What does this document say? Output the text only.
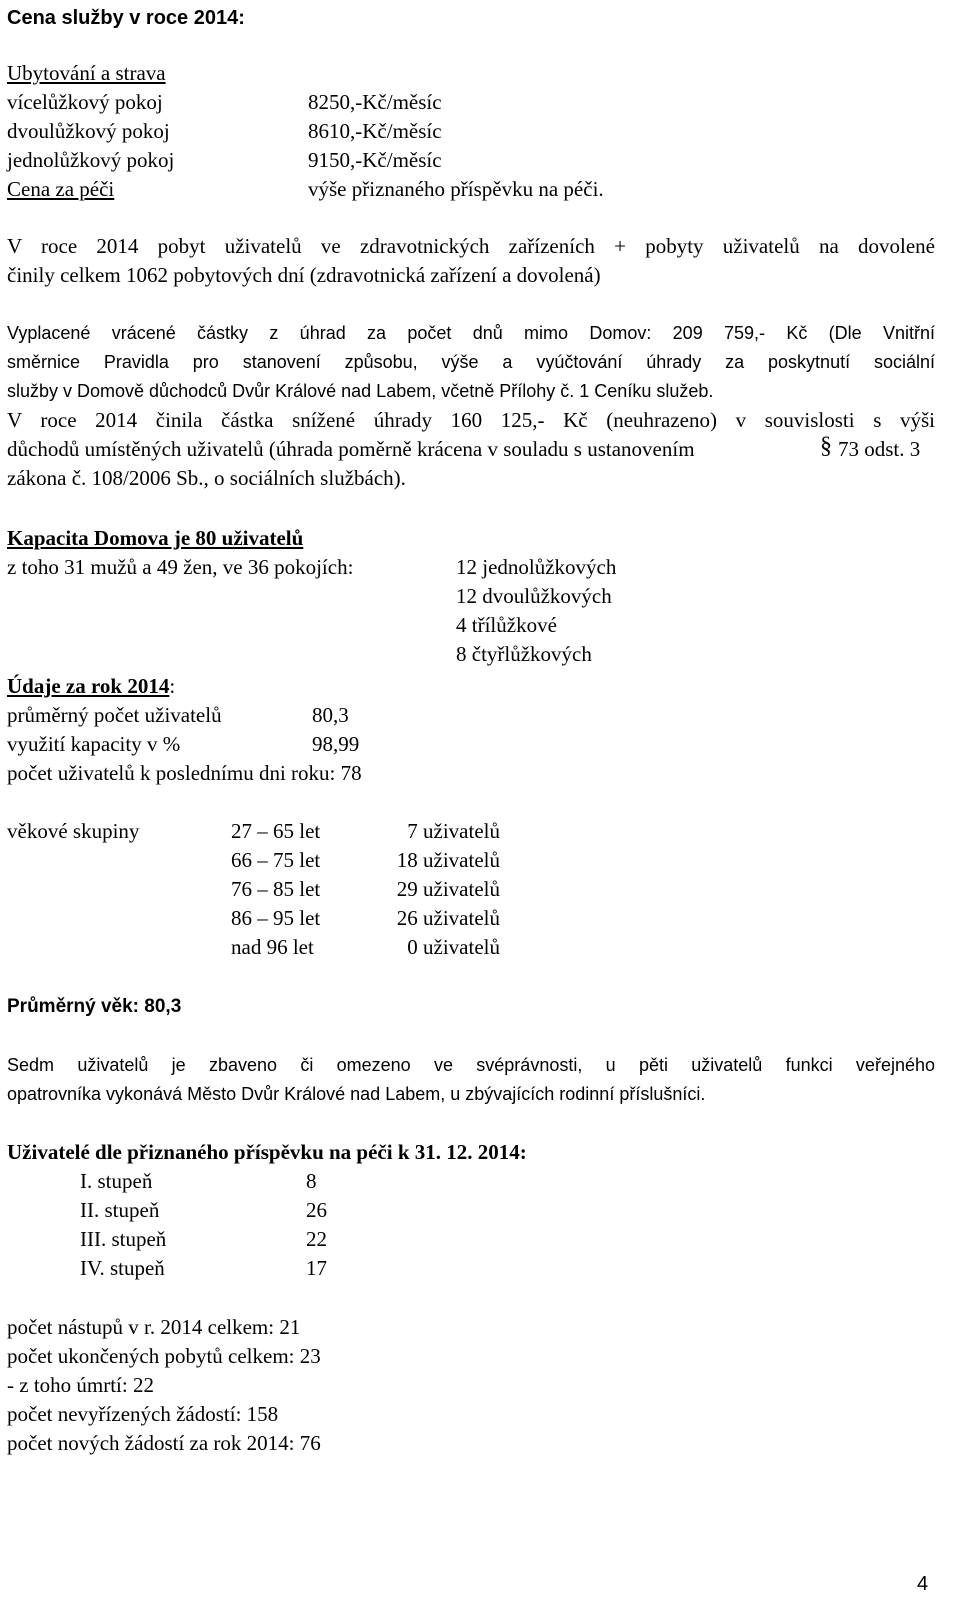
Cena služby v roce 2014:
Ubytování a strava
vícelůžkový pokoj	8250,-Kč/měsíc
dvoulůžkový pokoj	8610,-Kč/měsíc
jednolůžkový pokoj	9150,-Kč/měsíc
Cena za péči	výše přiznaného příspěvku na péči.
V roce 2014 pobyt uživatelů ve zdravotnických zařízeních + pobyty uživatelů na dovolené
činily celkem 1062 pobytových dní (zdravotnická zařízení a dovolená)
Vyplacené vrácené částky z úhrad za počet dnů mimo Domov: 209 759,- Kč (Dle Vnitřní
směrnice Pravidla pro stanovení způsobu, výše a vyúčtování úhrady za poskytnutí sociální
služby v Domově důchodců Dvůr Králové nad Labem, včetně Přílohy č. 1 Ceníku služeb.
V roce 2014 činila částka snížené úhrady 160 125,- Kč (neuhrazeno) v souvislosti s výši
důchodů umístěných uživatelů (úhrada poměrně krácena v souladu s ustanovením	§ 73 odst. 3
zákona č. 108/2006 Sb., o sociálních službách).
Kapacita Domova je 80 uživatelů
z toho 31 mužů a 49 žen, ve 36 pokojích:	12 jednolůžkových
12 dvoulůžkových
4 třílůžkové
8 čtyřlůžkových
Údaje za rok 2014:
průměrný počet uživatelů	80,3
využití kapacity v %	98,99
počet uživatelů k poslednímu dni roku: 78
věkové skupiny	27 – 65 let	7 uživatelů
66 – 75 let	18 uživatelů
76 – 85 let	29 uživatelů
86 – 95 let	26 uživatelů
nad 96 let	0 uživatelů
Průměrný věk: 80,3
Sedm uživatelů je zbaveno či omezeno ve svéprávnosti, u pěti uživatelů funkci veřejného
opatrovníka vykonává Město Dvůr Králové nad Labem, u zbývajících rodinní příslušníci.
Uživatelé dle přiznaného příspěvku na péči k 31. 12. 2014:
I. stupeň	8
II. stupeň	26
III. stupeň	22
IV. stupeň	17
počet nástupů v r. 2014 celkem: 21
počet ukončených pobytů celkem: 23
- z toho úmrtí: 22
počet nevyřízených žádostí: 158
počet nových žádostí za rok 2014: 76
4
